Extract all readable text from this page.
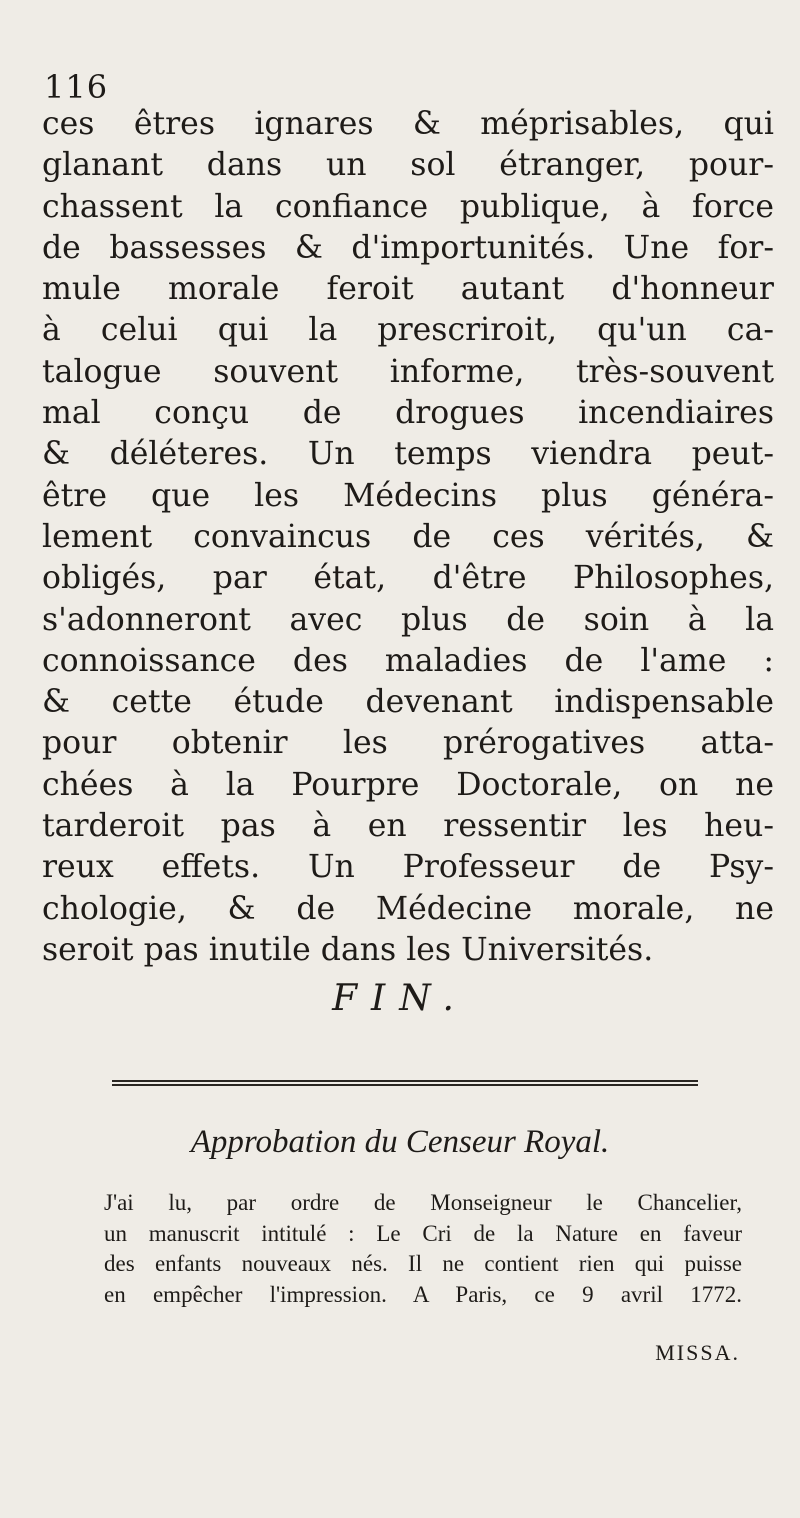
116
ces êtres ignares & méprisables, qui
glanant dans un sol étranger, pour-
chassent la confiance publique, à force
de bassesses & d'importunités. Une for-
mule morale feroit autant d'honneur
à celui qui la prescriroit, qu'un ca-
talogue souvent informe, très-souvent
mal conçu de drogues incendiaires
& déléteres. Un temps viendra peut-
être que les Médecins plus généra-
lement convaincus de ces vérités, &
obligés, par état, d'être Philosophes,
s'adonneront avec plus de soin à la
connoissance des maladies de l'ame :
& cette étude devenant indispensable
pour obtenir les prérogatives atta-
chées à la Pourpre Doctorale, on ne
tarderoit pas à en ressentir les heu-
reux effets. Un Professeur de Psy-
chologie, & de Médecine morale, ne
seroit pas inutile dans les Universités.
FIN.
Approbation du Censeur Royal.
J'ai lu, par ordre de Monseigneur le Chancelier,
un manuscrit intitulé : Le Cri de la Nature en faveur
des enfants nouveaux nés. Il ne contient rien qui puisse
en empêcher l'impression. A Paris, ce 9 avril 1772.
MISSA.
